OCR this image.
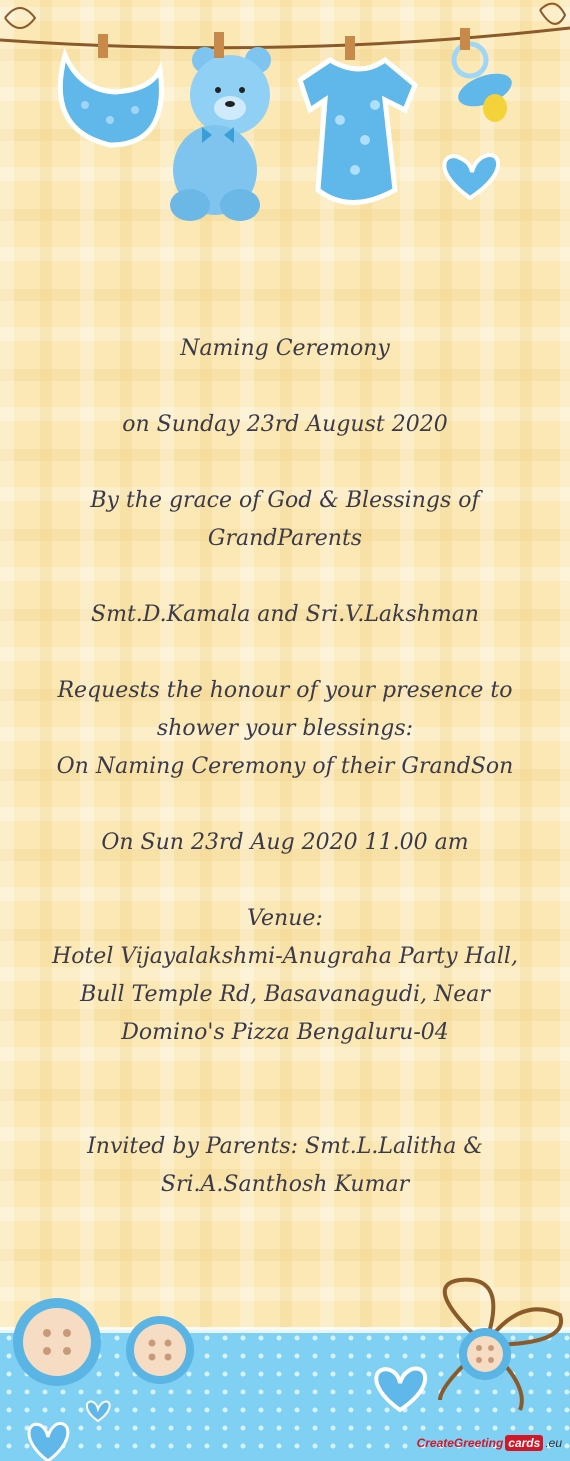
Naming Ceremony

on Sunday 23rd August 2020

By the grace of God & Blessings of

GrandParents

Smt.D.Kamala and Sri.V.Lakshman

Requests the honour of your presence to

shower your blessings:

On Naming Ceremony of their GrandSon

On Sun 23rd Aug 2020 11.00 am

Venue:

Hotel Vijayalakshmi-Anugraha Party Hall,

Bull Temple Rd, Basavanagudi, Near

Domino's Pizza Bengaluru-04

Invited by Parents: Smt.L.Lalitha &

Sri.A.Santhosh Kumar

CreateGreeting cards .eu
